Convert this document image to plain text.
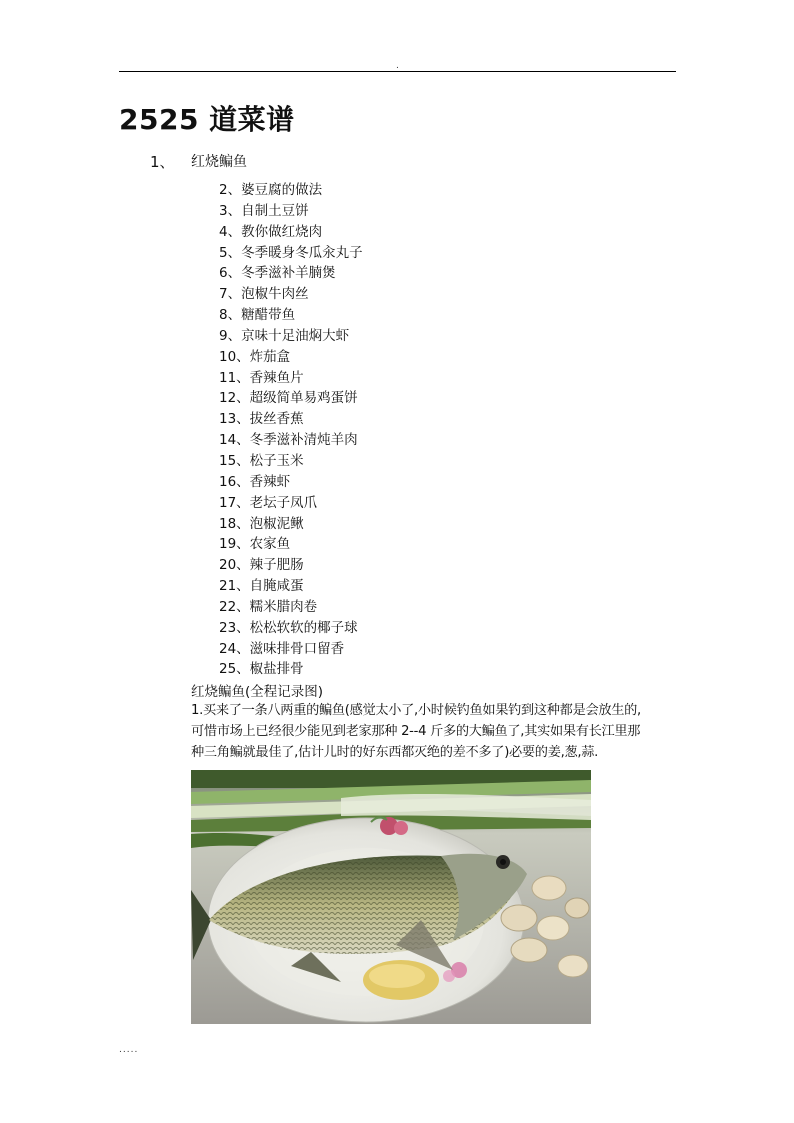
.
2525 道菜谱
1、 红烧鳊鱼
2、婆豆腐的做法
3、自制土豆饼
4、教你做红烧肉
5、冬季暖身冬瓜汆丸子
6、冬季滋补羊腩煲
7、泡椒牛肉丝
8、糖醋带鱼
9、京味十足油焖大虾
10、炸茄盒
11、香辣鱼片
12、超级简单易鸡蛋饼
13、拔丝香蕉
14、冬季滋补清炖羊肉
15、松子玉米
16、香辣虾
17、老坛子凤爪
18、泡椒泥鳅
19、农家鱼
20、辣子肥肠
21、自腌咸蛋
22、糯米腊肉卷
23、松松软软的椰子球
24、滋味排骨口留香
25、椒盐排骨
红烧鳊鱼(全程记录图)
1.买来了一条八两重的鳊鱼(感觉太小了,小时候钓鱼如果钓到这种都是会放生的,
可惜市场上已经很少能见到老家那种 2--4 斤多的大鳊鱼了,其实如果有长江里那
种三角鳊就最佳了,估计儿时的好东西都灭绝的差不多了)必要的姜,葱,蒜.
.....
